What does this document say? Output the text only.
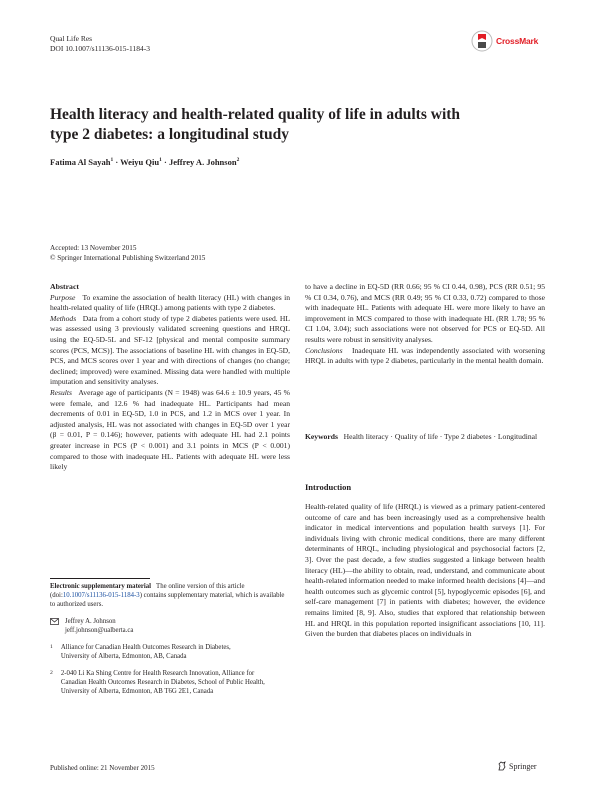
Qual Life Res
DOI 10.1007/s11136-015-1184-3
CrossMark
Health literacy and health-related quality of life in adults with type 2 diabetes: a longitudinal study
Fatima Al Sayah$^1$ · Weiyu Qiu$^1$ · Jeffrey A. Johnson$^2$
Accepted: 13 November 2015
© Springer International Publishing Switzerland 2015

Abstract

Purpose To examine the association of health literacy (HL) with changes in health-related quality of life (HRQL) among patients with type 2 diabetes.

Methods Data from a cohort study of type 2 diabetes patients were used. HL was assessed using 3 previously validated screening questions and HRQL using the EQ-5D-5L and SF-12 [physical and mental composite summary scores (PCS, MCS)]. The associations of baseline HL with changes in EQ-5D, PCS, and MCS scores over 1 year and with directions of changes (no change; declined; improved) were examined. Missing data were handled with multiple imputation and sensitivity analyses.

Results Average age of participants (N = 1948) was 64.6 ± 10.9 years, 45 % were female, and 12.6 % had inadequate HL. Participants had mean decrements of 0.01 in EQ-5D, 1.0 in PCS, and 1.2 in MCS over 1 year. In adjusted analysis, HL was not associated with changes in EQ-5D over 1 year (β = 0.01, P = 0.146); however, patients with adequate HL had 2.1 points greater increase in PCS (P < 0.001) and 3.1 points in MCS (P < 0.001) compared to those with inadequate HL. Patients with adequate HL were less likely

Electronic supplementary material The online version of this article (doi:10.1007/s11136-015-1184-3) contains supplementary material, which is available to authorized users.

Jeffrey A. Johnson
jeff.johnson@ualberta.ca
1 Alliance for Canadian Health Outcomes Research in Diabetes, University of Alberta, Edmonton, AB, Canada
2 2-040 Li Ka Shing Centre for Health Research Innovation, Alliance for Canadian Health Outcomes Research in Diabetes, School of Public Health, University of Alberta, Edmonton, AB T6G 2E1, Canada

to have a decline in EQ-5D (RR 0.66; 95 % CI 0.44, 0.98), PCS (RR 0.51; 95 % CI 0.34, 0.76), and MCS (RR 0.49; 95 % CI 0.33, 0.72) compared to those with inadequate HL. Patients with adequate HL were more likely to have an improvement in MCS compared to those with inadequate HL (RR 1.78; 95 % CI 1.04, 3.04); such associations were not observed for PCS or EQ-5D. All results were robust in sensitivity analyses.

Conclusions Inadequate HL was independently associated with worsening HRQL in adults with type 2 diabetes, particularly in the mental health domain.

Keywords Health literacy · Quality of life · Type 2 diabetes · Longitudinal
Introduction
Health-related quality of life (HRQL) is viewed as a primary patient-centered outcome of care and has been increasingly used as a comprehensive health indicator in medical interventions and population health surveys [1]. For individuals living with chronic medical conditions, there are many different determinants of HRQL, including physiological and psychosocial factors [2, 3]. Over the past decade, a few studies suggested a linkage between health literacy (HL)—the ability to obtain, read, understand, and communicate about health-related information needed to make informed health decisions [4]—and health outcomes such as glycemic control [5], hypoglycemic episodes [6], and self-care management [7] in patients with diabetes; however, the evidence remains limited [8, 9]. Also, studies that explored that relationship between HL and HRQL in this population reported insignificant associations [10, 11]. Given the burden that diabetes places on individuals in
Published online: 21 November 2015	Springer
